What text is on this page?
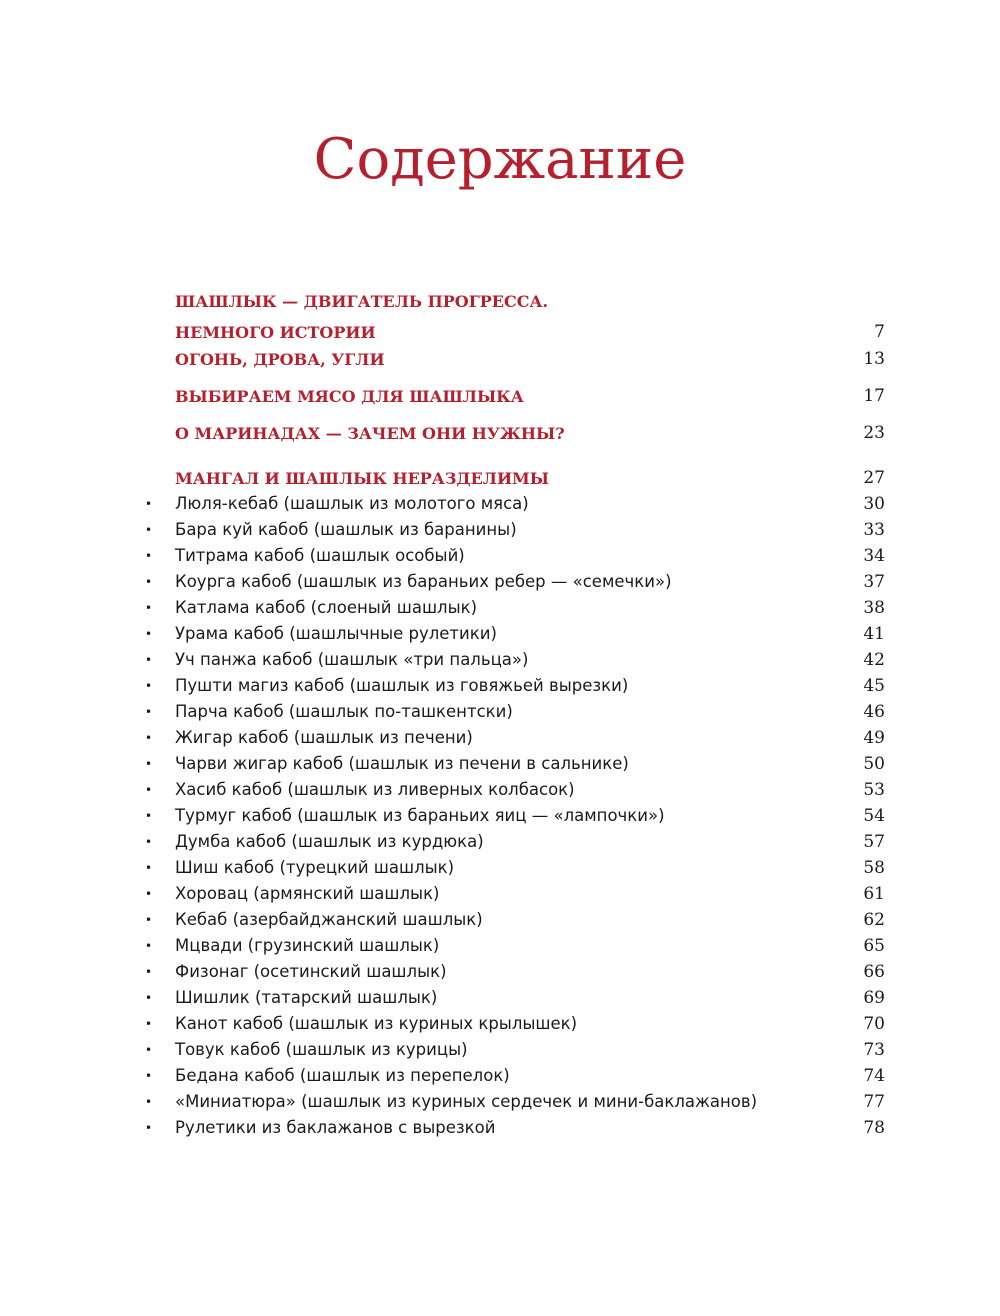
Содержание
ШАШЛЫК — ДВИГАТЕЛЬ ПРОГРЕССА.
НЕМНОГО ИСТОРИИ	7
ОГОНЬ, ДРОВА, УГЛИ	13
ВЫБИРАЕМ МЯСО ДЛЯ ШАШЛЫКА	17
О МАРИНАДАХ — ЗАЧЕМ ОНИ НУЖНЫ?	23
МАНГАЛ И ШАШЛЫК НЕРАЗДЕЛИМЫ	27
• Люля-кебаб (шашлык из молотого мяса)	30
• Бара куй кабоб (шашлык из баранины)	33
• Титрама кабоб (шашлык особый)	34
• Коурга кабоб (шашлык из бараньих ребер — «семечки»)	37
• Катлама кабоб (слоеный шашлык)	38
• Урама кабоб (шашлычные рулетики)	41
• Уч панжа кабоб (шашлык «три пальца»)	42
• Пушти магиз кабоб (шашлык из говяжьей вырезки)	45
• Парча кабоб (шашлык по-ташкентски)	46
• Жигар кабоб (шашлык из печени)	49
• Чарви жигар кабоб (шашлык из печени в сальнике)	50
• Хасиб кабоб (шашлык из ливерных колбасок)	53
• Турмуг кабоб (шашлык из бараньих яиц — «лампочки»)	54
• Думба кабоб (шашлык из курдюка)	57
• Шиш кабоб (турецкий шашлык)	58
• Хоровац (армянский шашлык)	61
• Кебаб (азербайджанский шашлык)	62
• Мцвади (грузинский шашлык)	65
• Физонаг (осетинский шашлык)	66
• Шишлик (татарский шашлык)	69
• Канот кабоб (шашлык из куриных крылышек)	70
• Товук кабоб (шашлык из курицы)	73
• Бедана кабоб (шашлык из перепелок)	74
• «Миниатюра» (шашлык из куриных сердечек и мини-баклажанов)	77
• Рулетики из баклажанов с вырезкой	78
